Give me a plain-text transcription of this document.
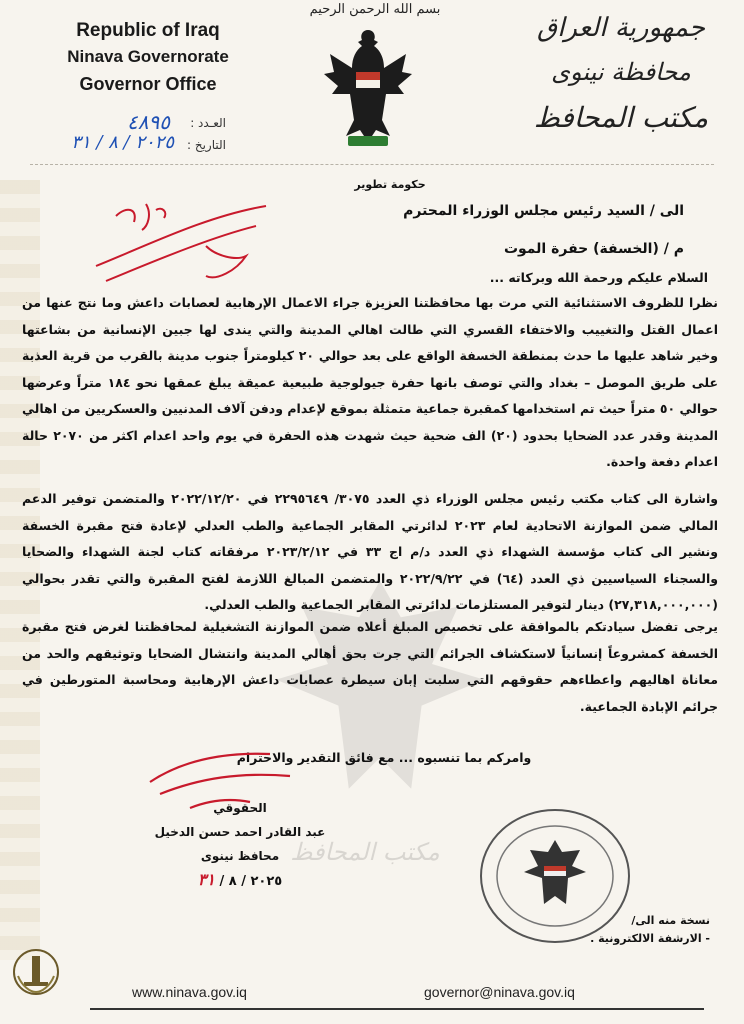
مكتب المحافظ
Republic of Iraq
Ninava Governorate
Governor Office
بسم الله الرحمن الرحيم
جمهورية العراق
محافظة نينوى
مكتب المحافظ
العـدد :
٤٨٩٥
التاريخ :
٢٠٢٥ / ٨ / ٣١
حكومة تطوير
الى / السيد رئيس مجلس الوزراء المحترم
م / (الخسفة) حفرة الموت
السلام عليكم ورحمة الله وبركاته ...
نظرا للظروف الاستثنائية التي مرت بها محافظتنا العزيزة جراء الاعمال الإرهابية لعصابات داعش وما نتج عنها من اعمال القتل والتغييب والاختفاء القسري التي طالت اهالي المدينة والتي يندى لها جبين الإنسانية من بشاعتها وخير شاهد عليها ما حدث بمنطقة الخسفة الواقع على بعد حوالي ٢٠ كيلومتراً جنوب مدينة بالقرب من قرية العذبة على طريق الموصل – بغداد والتي توصف بانها حفرة جيولوجية طبيعية عميقة يبلغ عمقها نحو ١٨٤ متراً وعرضها حوالي ٥٠ متراً حيث تم استخدامها كمقبرة جماعية متمثلة بموقع لإعدام ودفن آلاف المدنيين والعسكريين من اهالي المدينة وقدر عدد الضحايا بحدود (٢٠) الف ضحية حيث شهدت هذه الحفرة في يوم واحد اعدام اكثر من ٢٠٧٠ حالة اعدام دفعة واحدة.
واشارة الى كتاب مكتب رئيس مجلس الوزراء ذي العدد ٣٠٧٥/ ٢٢٩٥٦٤٩ في ٢٠٢٢/١٢/٢٠ والمتضمن توفير الدعم المالي ضمن الموازنة الاتحادية لعام ٢٠٢٣ لدائرتي المقابر الجماعية والطب العدلي لإعادة فتح مقبرة الخسفة ونشير الى كتاب مؤسسة الشهداء ذي العدد د/م اج ٣٣ في ٢٠٢٣/٢/١٢ مرفقاته كتاب لجنة الشهداء والضحايا والسجناء السياسيين ذي العدد (٦٤) في ٢٠٢٢/٩/٢٢ والمتضمن المبالغ اللازمة لفتح المقبرة والتي تقدر بحوالي (٢٧,٣١٨,٠٠٠,٠٠٠) دينار لتوفير المستلزمات لدائرتي المقابر الجماعية والطب العدلي.
يرجى تفضل سيادتكم بالموافقة على تخصيص المبلغ أعلاه ضمن الموازنة التشغيلية لمحافظتنا لغرض فتح مقبرة الخسفة كمشروعاً إنسانياً لاستكشاف الجرائم التي جرت بحق أهالي المدينة وانتشال الضحايا وتوثيقهم والحد من معاناة اهاليهم واعطاءهم حقوقهم التي سلبت إبان سيطرة عصابات داعش الإرهابية ومحاسبة المتورطين في جرائم الإبادة الجماعية.
وامركم بما تنسبوه ... مع فائق التقدير والاحترام
الحقوقي
عبد القادر احمد حسن الدخيل
محافظ نينوى
٢٠٢٥ / ٨ / ٣١
نسخة منه الى/
- الارشفة الالكترونية .
www.ninava.gov.iq	governor@ninava.gov.iq
